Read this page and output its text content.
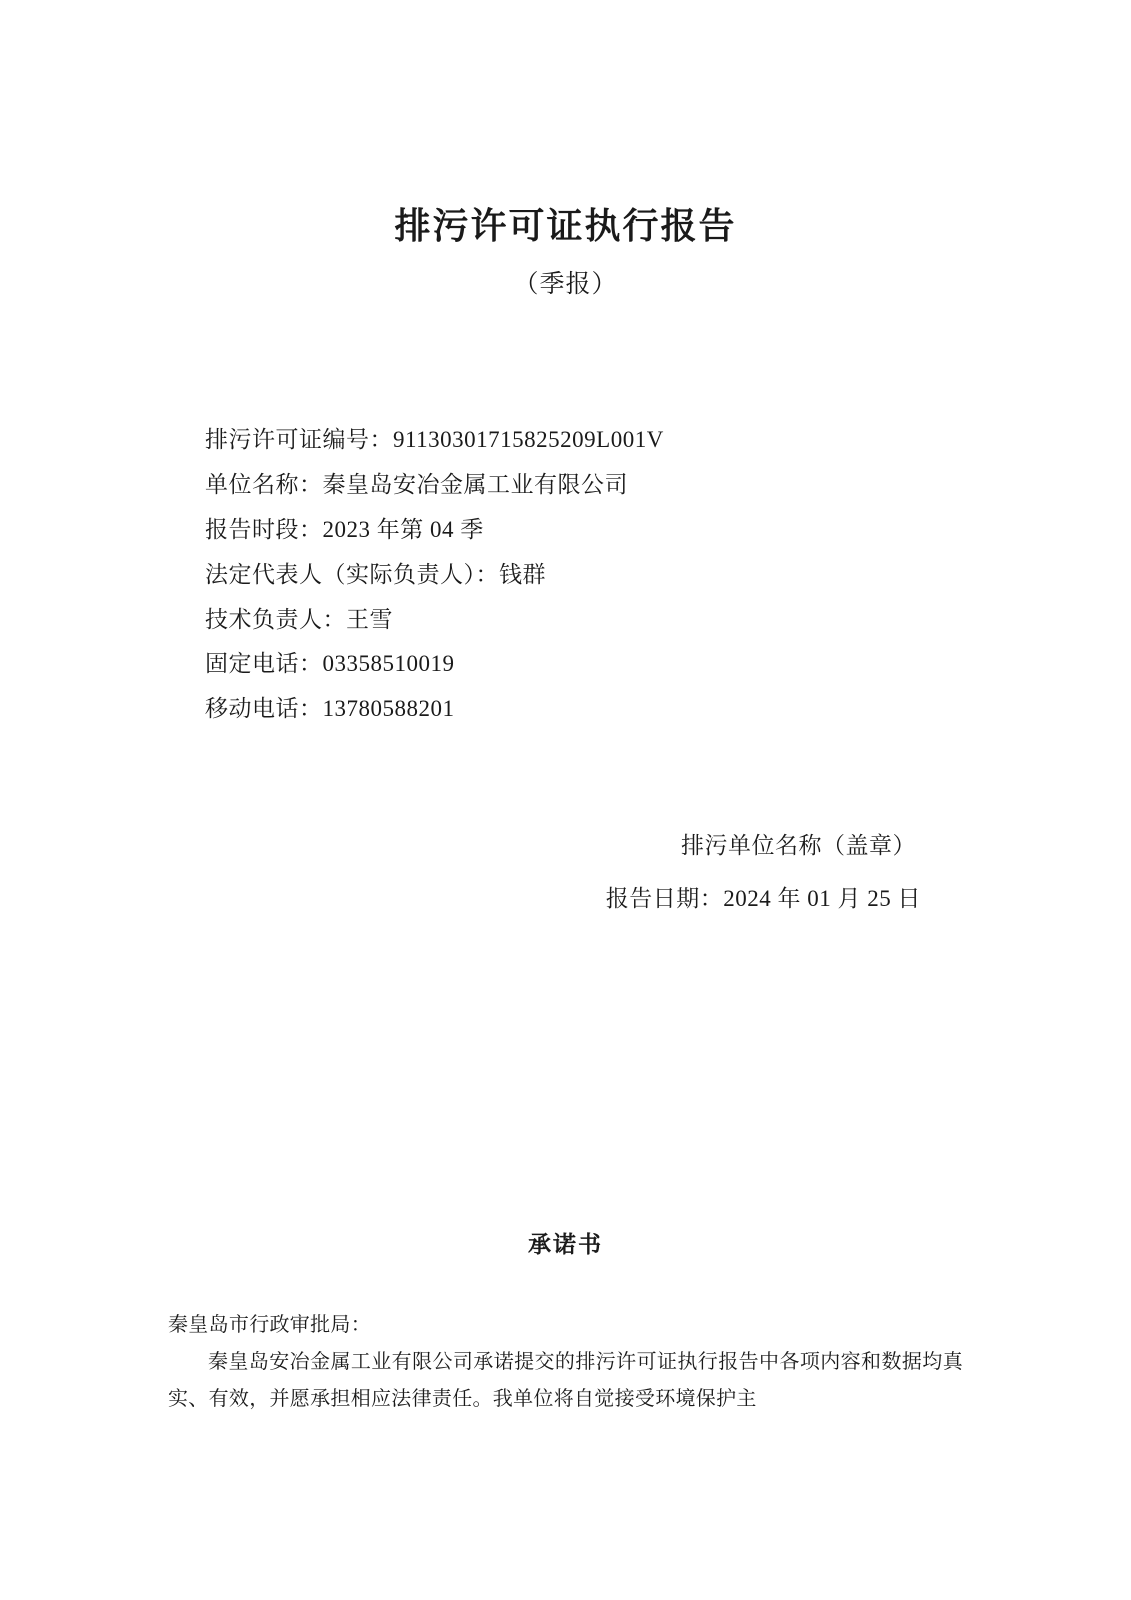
排污许可证执行报告
（季报）
排污许可证编号：91130301715825209L001V
单位名称：秦皇岛安冶金属工业有限公司
报告时段：2023 年第 04 季
法定代表人（实际负责人）：钱群
技术负责人：王雪
固定电话：03358510019
移动电话：13780588201
排污单位名称（盖章）
报告日期：2024 年 01 月 25 日
承诺书
秦皇岛市行政审批局：
秦皇岛安冶金属工业有限公司承诺提交的排污许可证执行报告中各项内容和数据均真实、有效，并愿承担相应法律责任。我单位将自觉接受环境保护主
